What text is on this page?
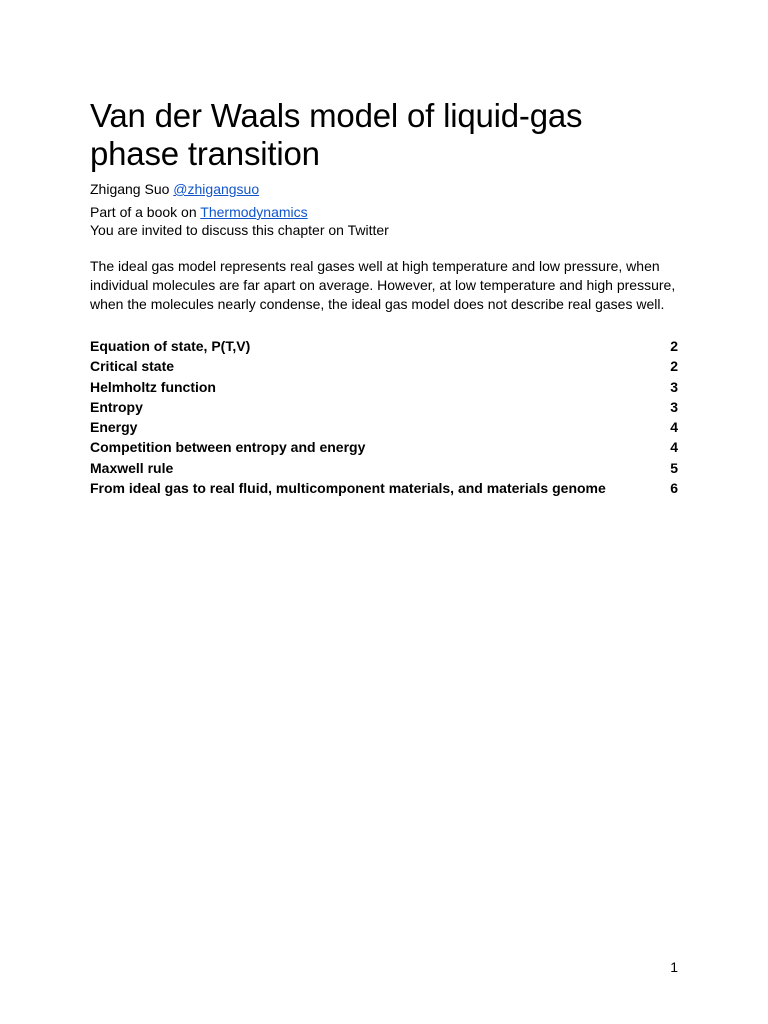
Van der Waals model of liquid-gas phase transition
Zhigang Suo @zhigangsuo
Part of a book on Thermodynamics
You are invited to discuss this chapter on Twitter

The ideal gas model represents real gases well at high temperature and low pressure, when individual molecules are far apart on average. However, at low temperature and high pressure, when the molecules nearly condense, the ideal gas model does not describe real gases well.

Equation of state, P(T,V)	2
Critical state	2
Helmholtz function	3
Entropy	3
Energy	4
Competition between entropy and energy	4
Maxwell rule	5
From ideal gas to real fluid, multicomponent materials, and materials genome	6
1
